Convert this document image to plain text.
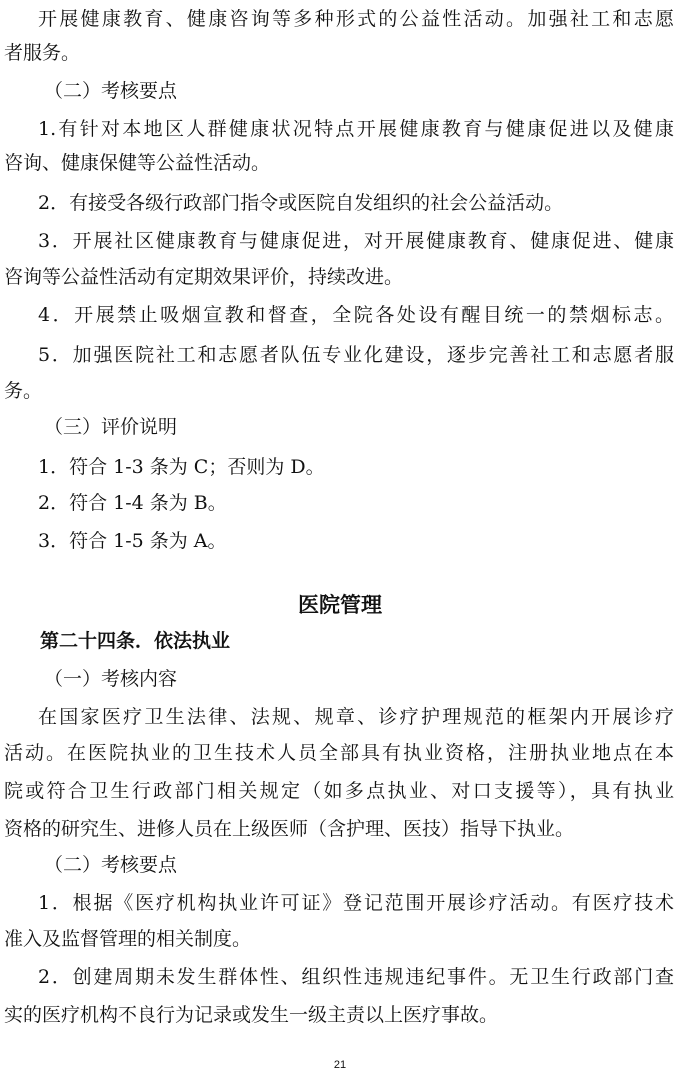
开展健康教育、健康咨询等多种形式的公益性活动。加强社工和志愿
者服务。
（二）考核要点
1.有针对本地区人群健康状况特点开展健康教育与健康促进以及健康
咨询、健康保健等公益性活动。
2．有接受各级行政部门指令或医院自发组织的社会公益活动。
3．开展社区健康教育与健康促进，对开展健康教育、健康促进、健康
咨询等公益性活动有定期效果评价，持续改进。
4．开展禁止吸烟宣教和督查，全院各处设有醒目统一的禁烟标志。
5．加强医院社工和志愿者队伍专业化建设，逐步完善社工和志愿者服
务。
（三）评价说明
1．符合 1-3 条为 C；否则为 D。
2．符合 1-4 条为 B。
3．符合 1-5 条为 A。
医院管理
第二十四条．依法执业
（一）考核内容
在国家医疗卫生法律、法规、规章、诊疗护理规范的框架内开展诊疗
活动。在医院执业的卫生技术人员全部具有执业资格，注册执业地点在本
院或符合卫生行政部门相关规定（如多点执业、对口支援等），具有执业
资格的研究生、进修人员在上级医师（含护理、医技）指导下执业。
（二）考核要点
1．根据《医疗机构执业许可证》登记范围开展诊疗活动。有医疗技术
准入及监督管理的相关制度。
2．创建周期未发生群体性、组织性违规违纪事件。无卫生行政部门查
实的医疗机构不良行为记录或发生一级主责以上医疗事故。
21
